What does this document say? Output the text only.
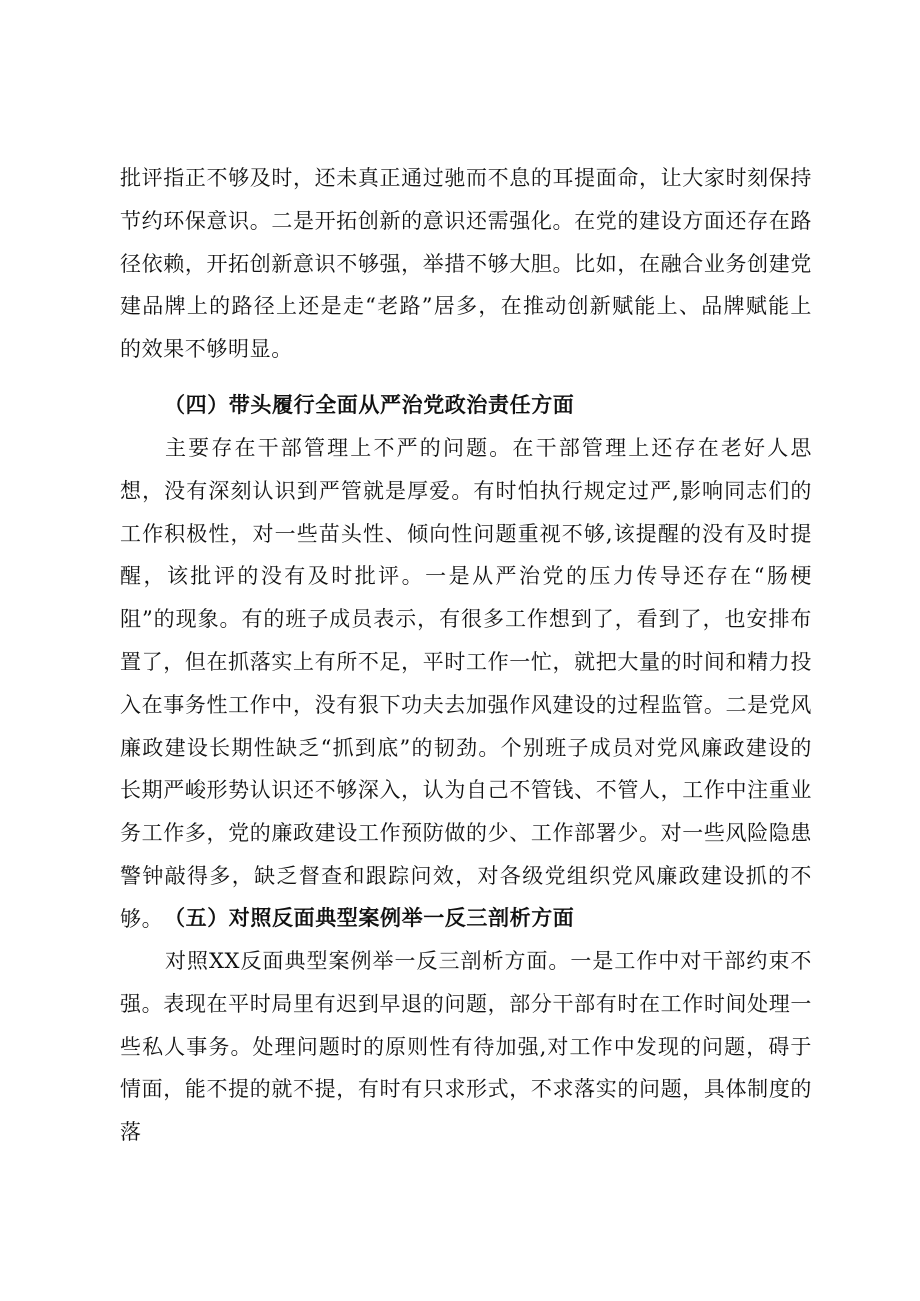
批评指正不够及时，还未真正通过驰而不息的耳提面命，让大家时刻保持节约环保意识。二是开拓创新的意识还需强化。在党的建设方面还存在路径依赖，开拓创新意识不够强，举措不够大胆。比如，在融合业务创建党建品牌上的路径上还是走“老路”居多，在推动创新赋能上、品牌赋能上的效果不够明显。
（四）带头履行全面从严治党政治责任方面
主要存在干部管理上不严的问题。在干部管理上还存在老好人思想，没有深刻认识到严管就是厚爱。有时怕执行规定过严,影响同志们的工作积极性，对一些苗头性、倾向性问题重视不够,该提醒的没有及时提醒，该批评的没有及时批评。一是从严治党的压力传导还存在“肠梗阻”的现象。有的班子成员表示，有很多工作想到了，看到了，也安排布置了，但在抓落实上有所不足，平时工作一忙，就把大量的时间和精力投入在事务性工作中，没有狠下功夫去加强作风建设的过程监管。二是党风廉政建设长期性缺乏“抓到底”的韧劲。个别班子成员对党风廉政建设的长期严峻形势认识还不够深入，认为自己不管钱、不管人，工作中注重业务工作多，党的廉政建设工作预防做的少、工作部署少。对一些风险隐患警钟敲得多，缺乏督查和跟踪问效，对各级党组织党风廉政建设抓的不够。 （五）对照反面典型案例举一反三剖析方面
对照XX反面典型案例举一反三剖析方面。一是工作中对干部约束不强。表现在平时局里有迟到早退的问题，部分干部有时在工作时间处理一些私人事务。处理问题时的原则性有待加强,对工作中发现的问题，碍于情面，能不提的就不提，有时有只求形式，不求落实的问题，具体制度的落
